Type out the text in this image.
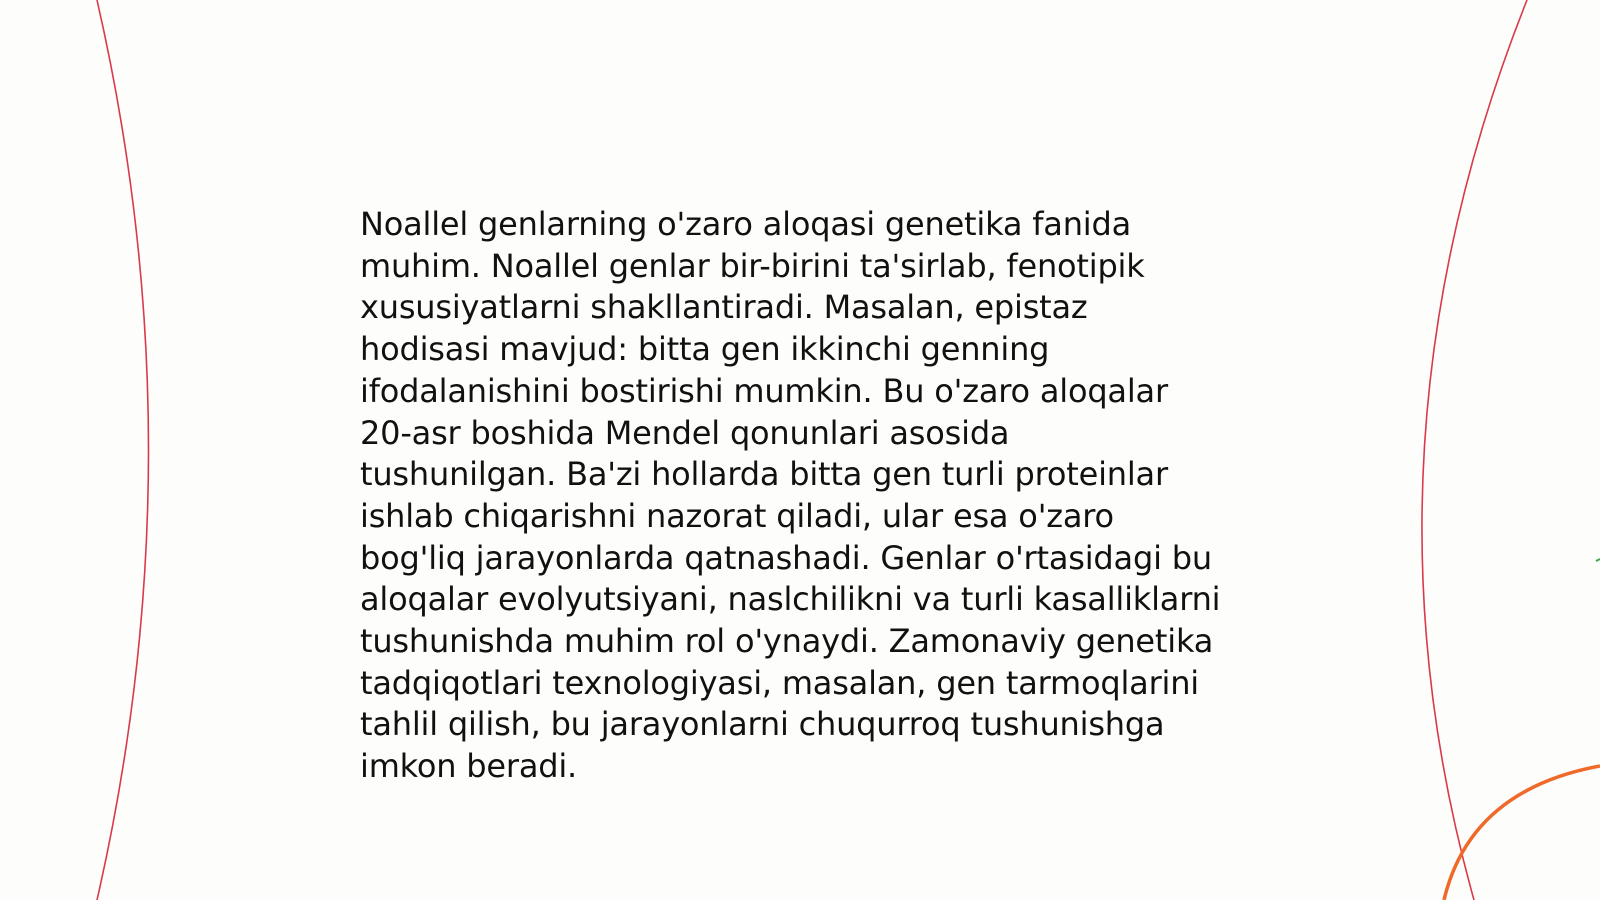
Noallel genlarning o'zaro aloqasi genetika fanida
muhim. Noallel genlar bir-birini ta'sirlab, fenotipik
xususiyatlarni shakllantiradi. Masalan, epistaz
hodisasi mavjud: bitta gen ikkinchi genning
ifodalanishini bostirishi mumkin. Bu o'zaro aloqalar
20-asr boshida Mendel qonunlari asosida
tushunilgan. Ba'zi hollarda bitta gen turli proteinlar
ishlab chiqarishni nazorat qiladi, ular esa o'zaro
bog'liq jarayonlarda qatnashadi. Genlar o'rtasidagi bu
aloqalar evolyutsiyani, naslchilikni va turli kasalliklarni
tushunishda muhim rol o'ynaydi. Zamonaviy genetika
tadqiqotlari texnologiyasi, masalan, gen tarmoqlarini
tahlil qilish, bu jarayonlarni chuqurroq tushunishga
imkon beradi.
